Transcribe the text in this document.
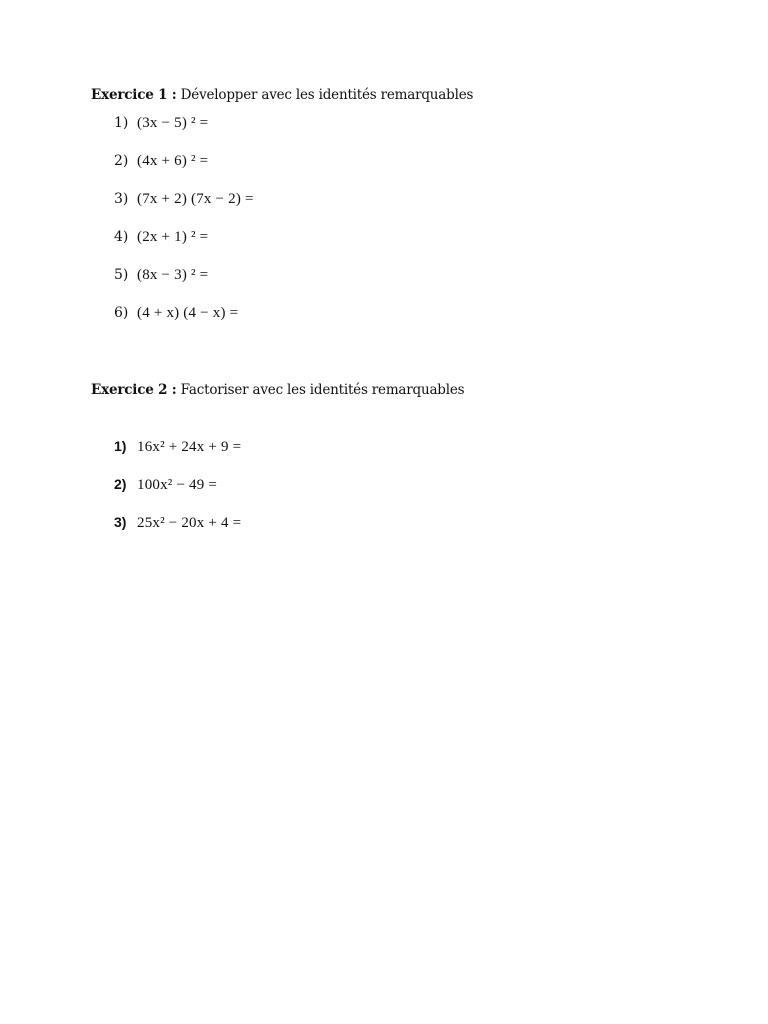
Exercice 1 : Développer avec les identités remarquables
1) (3x − 5) ² =
2) (4x + 6) ² =
3) (7x + 2) (7x − 2) =
4) (2x + 1) ² =
5) (8x − 3) ² =
6) (4 + x) (4 − x) =
Exercice 2 : Factoriser avec les identités remarquables
1) 16x² + 24x + 9 =
2) 100x² − 49 =
3) 25x² − 20x + 4 =
